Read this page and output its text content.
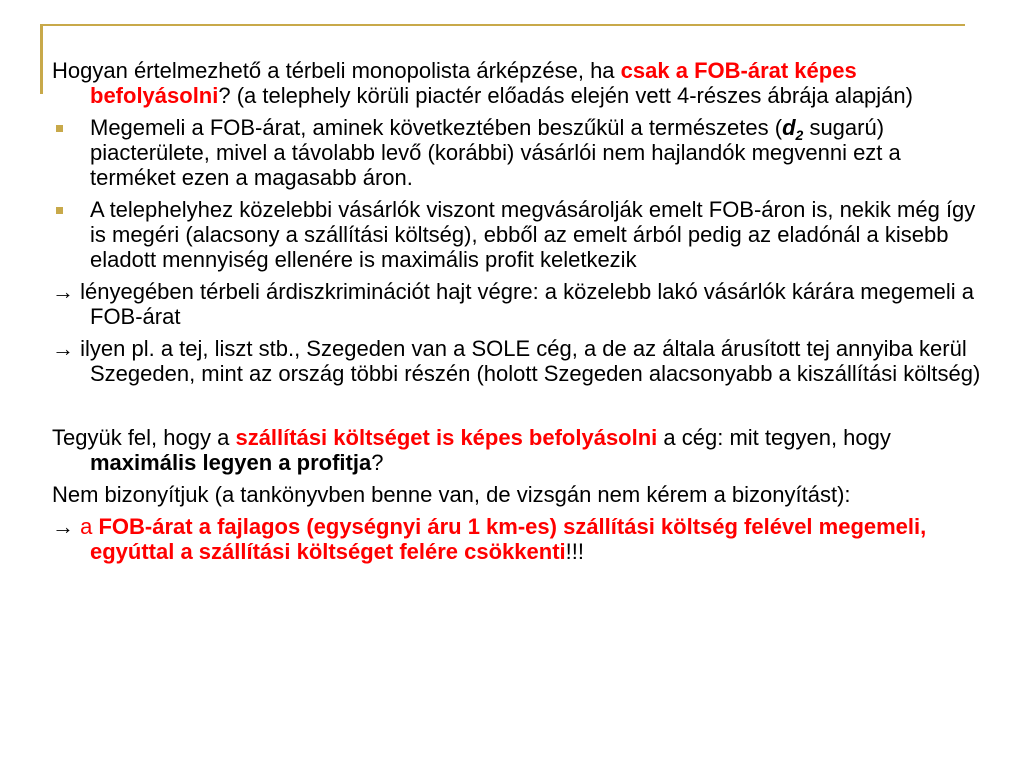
Hogyan értelmezhető a térbeli monopolista árképzése, ha csak a FOB-árat képes befolyásolni? (a telephely körüli piactér előadás elején vett 4-részes ábrája alapján)

Megemeli a FOB-árat, aminek következtében beszűkül a természetes ($d_2$ sugarú) piacterülete, mivel a távolabb levő (korábbi) vásárlói nem hajlandók megvenni ezt a terméket ezen a magasabb áron.
A telephelyhez közelebbi vásárlók viszont megvásárolják emelt FOB-áron is, nekik még így is megéri (alacsony a szállítási költség), ebből az emelt árból pedig az eladónál a kisebb eladott mennyiség ellenére is maximális profit keletkezik

→ lényegében térbeli árdiszkriminációt hajt végre: a közelebb lakó vásárlók kárára megemeli a FOB-árat

→ ilyen pl. a tej, liszt stb., Szegeden van a SOLE cég, a de az általa árusított tej annyiba kerül Szegeden, mint az ország többi részén (holott Szegeden alacsonyabb a kiszállítási költség)

Tegyük fel, hogy a szállítási költséget is képes befolyásolni a cég: mit tegyen, hogy maximális legyen a profitja?

Nem bizonyítjuk (a tankönyvben benne van, de vizsgán nem kérem a bizonyítást):

→ a FOB-árat a fajlagos (egységnyi áru 1 km-es) szállítási költség felével megemeli, egyúttal a szállítási költséget felére csökkenti!!!
